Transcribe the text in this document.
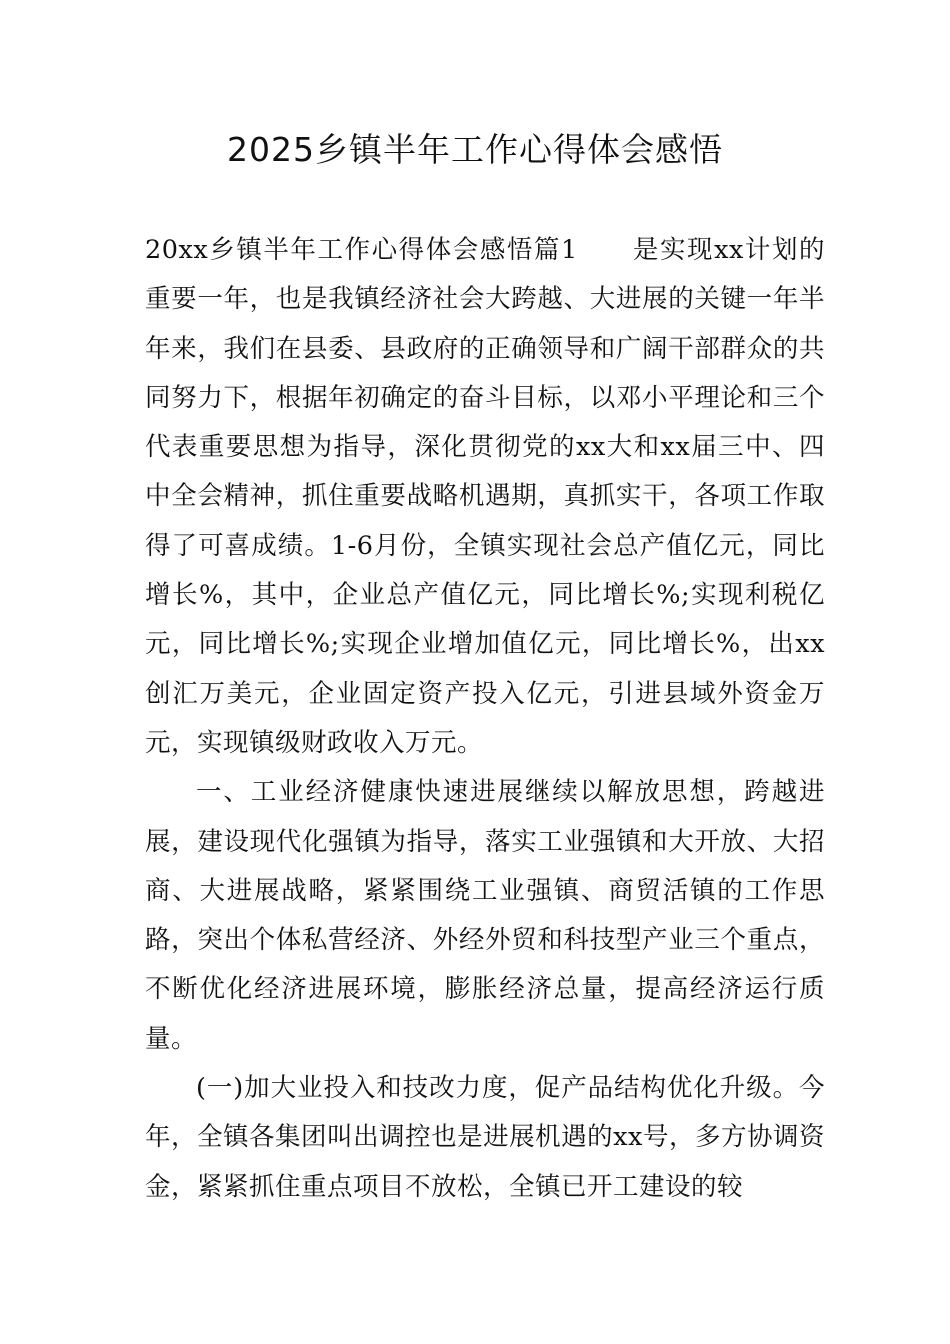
2025乡镇半年工作心得体会感悟

20xx乡镇半年工作心得体会感悟篇1　　是实现xx计划的重要一年，也是我镇经济社会大跨越、大进展的关键一年半年来，我们在县委、县政府的正确领导和广阔干部群众的共同努力下，根据年初确定的奋斗目标，以邓小平理论和三个代表重要思想为指导，深化贯彻党的xx大和xx届三中、四中全会精神，抓住重要战略机遇期，真抓实干，各项工作取得了可喜成绩。1-6月份，全镇实现社会总产值亿元，同比增长%，其中，企业总产值亿元，同比增长%;实现利税亿元，同比增长%;实现企业增加值亿元，同比增长%，出xx创汇万美元，企业固定资产投入亿元，引进县域外资金万元，实现镇级财政收入万元。

一、工业经济健康快速进展继续以解放思想，跨越进展，建设现代化强镇为指导，落实工业强镇和大开放、大招商、大进展战略，紧紧围绕工业强镇、商贸活镇的工作思路，突出个体私营经济、外经外贸和科技型产业三个重点，不断优化经济进展环境，膨胀经济总量，提高经济运行质量。

(一)加大业投入和技改力度，促产品结构优化升级。今年，全镇各集团叫出调控也是进展机遇的xx号，多方协调资金，紧紧抓住重点项目不放松，全镇已开工建设的较
